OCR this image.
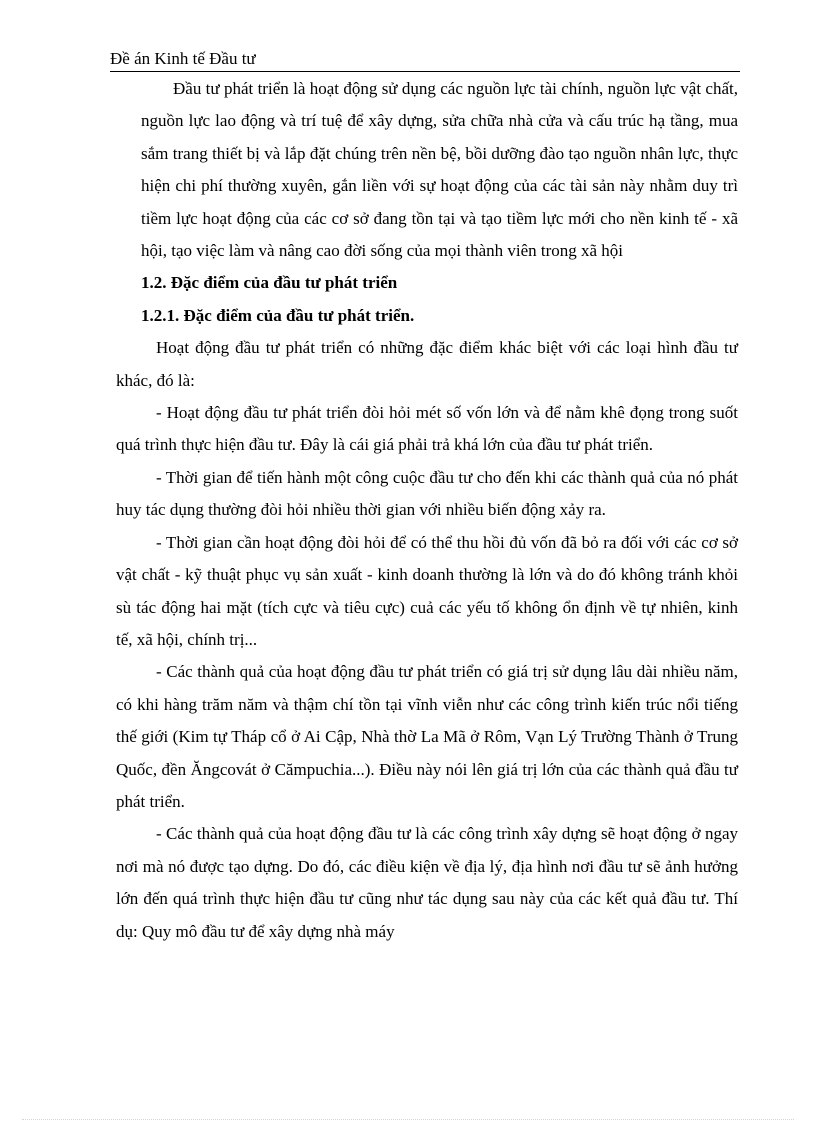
Đề án Kinh tế Đầu tư

Đầu tư phát triển là hoạt động sử dụng các nguồn lực tài chính, nguồn lực vật chất, nguồn lực lao động và trí tuệ để xây dựng, sửa chữa nhà cửa và cấu trúc hạ tầng, mua sắm trang thiết bị và lắp đặt chúng trên nền bệ, bồi dưỡng đào tạo nguồn nhân lực, thực hiện chi phí thường xuyên, gắn liền với sự hoạt động của các tài sản này nhằm duy trì tiềm lực hoạt động của các cơ sở đang tồn tại và tạo tiềm lực mới cho nền kinh tế - xã hội, tạo việc làm và nâng cao đời sống của mọi thành viên trong xã hội

1.2. Đặc điểm của đầu tư phát triển

1.2.1. Đặc điểm của đầu tư phát triển.

Hoạt động đầu tư phát triển có những đặc điểm khác biệt với các loại hình đầu tư khác, đó là:

- Hoạt động đầu tư phát triển đòi hỏi mét số vốn lớn và để nằm khê đọng trong suốt quá trình thực hiện đầu tư. Đây là cái giá phải trả khá lớn của đầu tư phát triển.

- Thời gian để tiến hành một công cuộc đầu tư cho đến khi các thành quả của nó phát huy tác dụng thường đòi hỏi nhiều thời gian với nhiều biến động xảy ra.

- Thời gian cần hoạt động đòi hỏi để có thể thu hồi đủ vốn đã bỏ ra đối với các cơ sở vật chất - kỹ thuật phục vụ sản xuất - kinh doanh thường là lớn và do đó không tránh khỏi sù tác động hai mặt (tích cực và tiêu cực) cuả các yếu tố không ổn định về tự nhiên, kinh tế, xã hội, chính trị...

- Các thành quả của hoạt động đầu tư phát triển có giá trị sử dụng lâu dài nhiều năm, có khi hàng trăm năm và thậm chí tồn tại vĩnh viễn như các công trình kiến trúc nổi tiếng thế giới (Kim tự Tháp cổ ở Ai Cập, Nhà thờ La Mã ở Rôm, Vạn Lý Trường Thành ở Trung Quốc, đền Ăngcovát ở Cămpuchia...). Điều này nói lên giá trị lớn của các thành quả đầu tư phát triển.

- Các thành quả của hoạt động đầu tư là các công trình xây dựng sẽ hoạt động ở ngay nơi mà nó được tạo dựng. Do đó, các điều kiện về địa lý, địa hình nơi đầu tư sẽ ảnh hưởng lớn đến quá trình thực hiện đầu tư cũng như tác dụng sau này của các kết quả đầu tư. Thí dụ: Quy mô đầu tư để xây dựng nhà máy
